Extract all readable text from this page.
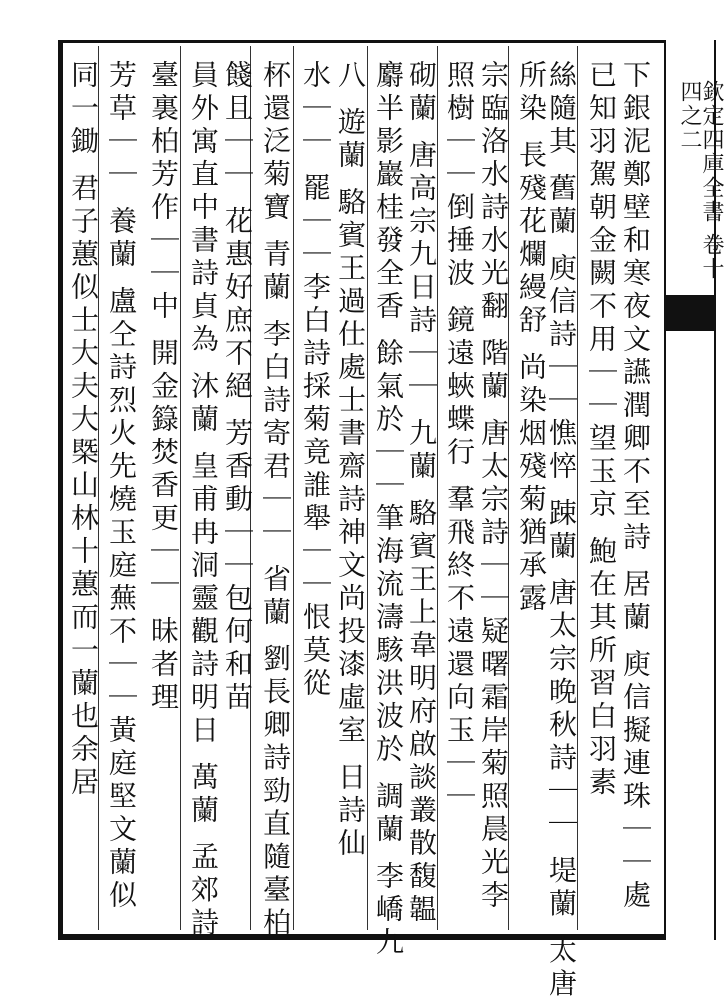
欽定四庫全書 卷十四之二
下銀泥鄭壁和寒夜文讌潤卿不至詩 居蘭 庾信擬連珠｜｜處
已知羽駕朝金闕不用｜｜望玉京 鮑在其所習白羽素
絲隨其 舊蘭 庾信詩｜｜憔悴 踈蘭 唐太宗晚秋詩｜｜ 堤蘭 太唐
所染 長殘花爛縵舒 尚染烟殘菊猶承露
宗臨洛水詩水光翻 階蘭 唐太宗詩｜｜疑曙霜岸菊照晨光李
照樹｜｜倒捶波 鏡遠蛺蝶行 羣飛終不遠還向玉｜｜
砌蘭 唐高宗九日詩｜｜ 九蘭 駱賓王上韋明府啟談叢散馥韞
麝半影巖桂發全香 餘氣於｜｜筆海流濤駭洪波於 調蘭 李嶠九
八 遊蘭 駱賓王過仕處士書齋詩神文尚投漆虛室 日詩仙
水｜｜ 罷｜｜李白詩採菊竟誰舉｜｜恨莫從
杯還泛菊寶 青蘭 李白詩寄君｜｜ 省蘭 劉長卿詩勁直隨臺柏
餞且｜｜ 花惠好庶不絕 芳香動｜｜包何和苗
員外寓直中書詩貞為 沐蘭 皇甫冉洞靈觀詩明日 萬蘭 孟郊詩
臺裏柏芳作｜｜中 開金籙焚香更｜｜ 昧者理
芳草｜｜ 養蘭 盧仝詩烈火先燒玉庭蕪不｜｜黃庭堅文蘭似
同一鋤 君子蕙似士大夫大槩山林十蕙而一蘭也余居
